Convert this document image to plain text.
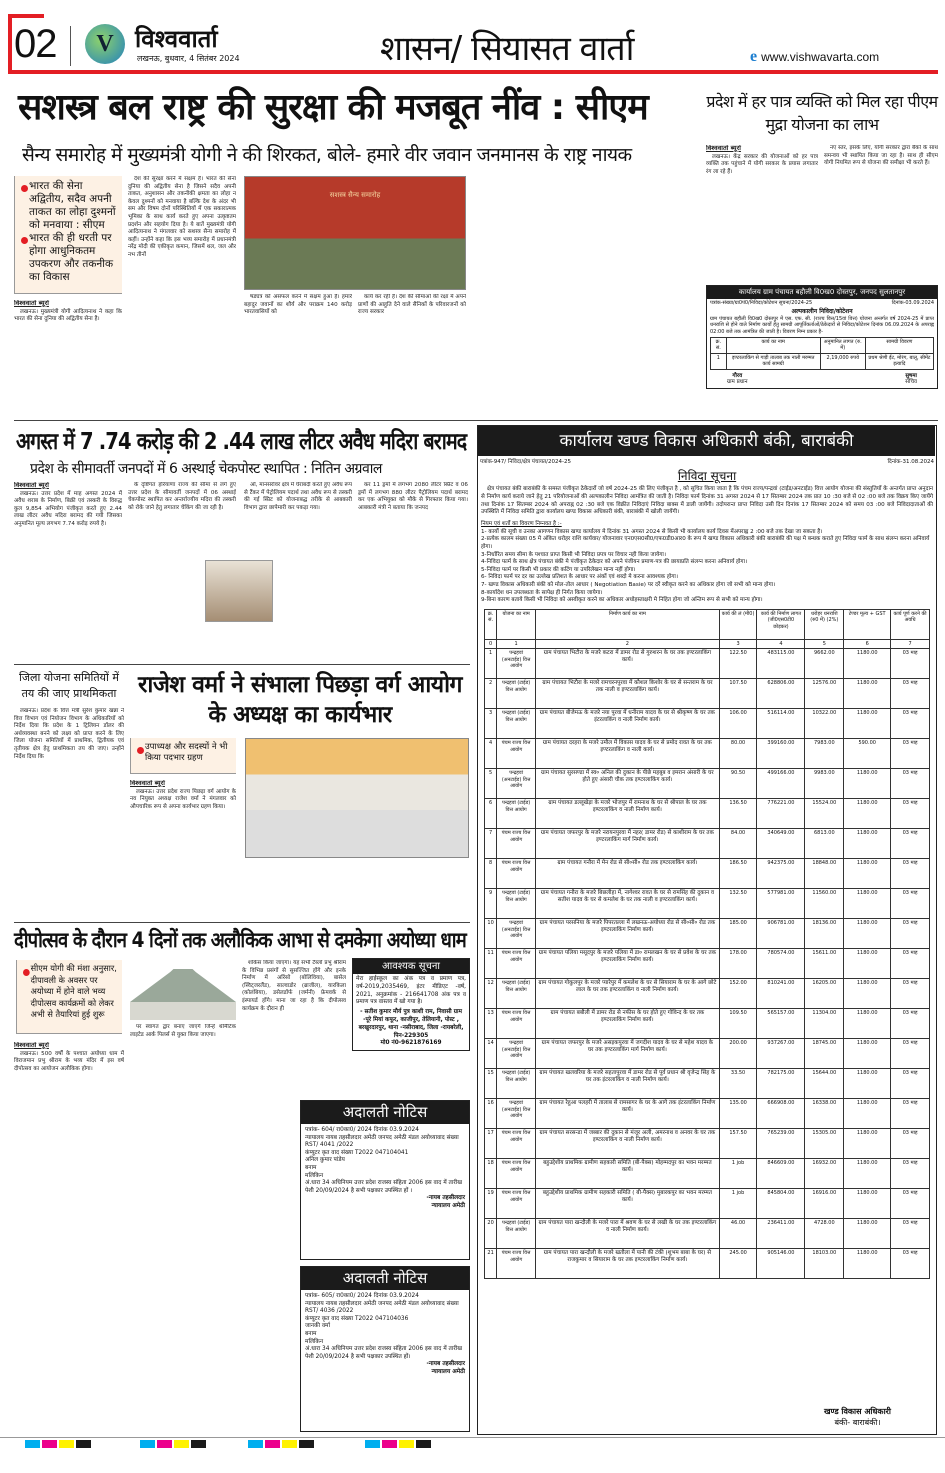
02	V विश्ववार्ता
लखनऊ, बुधवार, 4 सितंबर 2024	शासन/ सियासत वार्ता	e www.vishwavarta.com
सशस्त्र बल राष्ट्र की सुरक्षा की मजबूत नींव : सीएम
सैन्य समारोह में मुख्यमंत्री योगी ने की शिरकत, बोले- हमारे वीर जवान जनमानस के राष्ट्र नायक
भारत की सेना अद्वितीय, सदैव अपनी ताकत का लोहा दुश्मनों को मनवाया : सीएम
भारत की ही धरती पर होगा आधुनिकतम उपकरण और तकनीक का विकास
विश्ववार्ता ब्यूरो

लखनऊ। मुख्यमंत्री योगी आदित्यनाथ ने कहा कि भारत की सेना दुनिया की अद्वितीय सेना है।

देश की सुरक्षा करने में सक्षम है। भारत की सेना दुनिया की अद्वितीय सेना है जिसने सदैव अपनी ताकत, अनुशासन और तकनीकी क्षमता का लोहा न केवल दुश्मनों को मनवाया है बल्कि देश के अंदर भी सम और विषम दोनों परिस्थितियों में एक सकारात्मक भूमिका के साथ कार्य करते हुए अपना उत्कृष्टतम प्रदर्शन और सहयोग दिया है। ये बातें मुख्यमंत्री योगी आदित्यनाथ ने मंगलवार को सशस्त्र सैन्य समारोह में कहीं। उन्होंने कहा कि इस भव्य समारोह में प्रधानमंत्री नरेंद्र मोदी की एकीकृत कमान, जिसमें थल, जल और नभ तीनों

सशस्त्र सैन्य समारोह

षड्यंत्र को असफल करने में सक्षम हुआ है। हमारे बहादुर जवानों का शौर्य और पराक्रम 140 करोड़ भारतवासियों को

कार्य कर रही है। देश की सीमाओं की रक्षा में अपने प्राणों की आहुति देने वाले सैनिकों के परिवारजनों को राज्य सरकार

प्रदेश में हर पात्र व्यक्ति को मिल रहा पीएम मुद्रा योजना का लाभ
विश्ववार्ता ब्यूरो

लखनऊ। केंद्र सरकार की योजनाओं को हर पात्र व्यक्ति तक पहुंचाने में योगी सरकार के प्रयास लगातार रंग ला रहे हैं।

नए स्तर, इसके लिए, योगी सरकार द्वारा बैंकों के साथ समन्वय भी स्थापित किया जा रहा है। साथ ही सीएम योगी नियमित रूप से योजना की समीक्षा भी करते हैं।

कार्यालय ग्राम पंचायत बहौली वि0ख0 दोस्तपुर, जनपद सुलतानपुर
पत्रांक-संख्या/ग्रा0पं0/निविदा/कोटेशन सूचना/2024-25	दिनांक-03.09.2024
अल्पकालीन निविदा/कोटेशन
ग्राम पंचायत बहौली वि0ख0 दोस्तपुर में एस. एफ. सी. (राज्य वित्त/15वां वित्त) योजना अन्तर्गत वर्ष 2024-25 में प्राप्त धनराशि से होने वाले निर्माण कार्यों हेतु सामग्री आपूर्तिकर्ताओं/ठेकेदारों से निविदा/कोटेशन दिनांक 06.09.2024 के अपराह्न 02:00 बजे तक आमंत्रित की जाती है। विवरण निम्न प्रकार है-
क्र. सं.	कार्य का नाम	अनुमानित लागत (रु. में)	सामग्री विवरण
1	इण्टरलाकिंग से गाड़ी तालाब तक नाली मरम्मत कार्य सामग्री	2,19,000 रुपये	प्रथम श्रेणी ईंट, मोरंग, बालू, सीमेंट इत्यादि
गौरव
ग्राम प्रधान
सुषमा
सचिव
अगस्त में 7 .74 करोड़ की 2 .44 लाख लीटर अवैध मदिरा बरामद
प्रदेश के सीमावर्ती जनपदों में 6 अस्थाई चेकपोस्ट स्थापित : नितिन अग्रवाल
विश्ववार्ता ब्यूरो

लखनऊ। उत्तर प्रदेश में माह अगस्त 2024 में अवैध शराब के निर्माण, बिक्री एवं तस्करी के विरुद्ध कुल 9,854 अभियोग पंजीकृत करते हुए 2.44 लाख लीटर अवैध मदिरा बरामद की गयी जिसका अनुमानित मूल्य लगभग 7.74 करोड़ रुपये है।

के दृष्टिगत हरियाणा राज्य की सीमा से लगे हुए उत्तर प्रदेश के सीमावर्ती जनपदों में 06 अस्थाई चेकपोस्ट स्थापित कर अन्तर्राज्यीय मदिरा की तस्करी को रोके जाने हेतु लगातार चेकिंग की जा रही है।

ओ, मानसरोवर क्षेत्र में घेराबंदी करते हुए अवैध रूप से टैंकर में पेट्रोलियम पदार्थ तथा अवैध रूप से तस्करी की गई स्प्रिट को योजनाबद्ध तरीके से आबकारी विभाग द्वारा छापेमारी कर पकड़ा गया।

कर 11 ड्रमों में लगभग 2080 लीटर स्प्रिट व 06 ड्रमों में लगभग 880 लीटर पैट्रोलियम पदार्थ बरामद कर एक अभियुक्त को मौके से गिरफ्तार किया गया। आबकारी मंत्री ने बताया कि जनपद

जिला योजना समितियों में तय की जाए प्राथमिकता

लखनऊ। प्रदेश के वित्त मंत्री सुरेश कुमार खन्ना ने वित्त विभाग एवं नियोजन विभाग के अधिकारियों को निर्देश दिया कि प्रदेश के 1 ट्रिलियन डॉलर की अर्थव्यवस्था बनने को लक्ष्य को प्राप्त करने के लिए जिला योजना समितियों में प्राथमिक, द्वितीयक एवं तृतीयक क्षेत्र हेतु प्राथमिकता तय की जाए। उन्होंने निर्देश दिया कि

राजेश वर्मा ने संभाला पिछड़ा वर्ग आयोग के अध्यक्ष का कार्यभार
उपाध्यक्ष और सदस्यों ने भी किया पदभार ग्रहण
विश्ववार्ता ब्यूरो

लखनऊ। उत्तर प्रदेश राज्य पिछड़ा वर्ग आयोग के नव नियुक्त अध्यक्ष राजेश वर्मा ने मंगलवार को औपचारिक रूप से अपना कार्यभार ग्रहण किया।

दीपोत्सव के दौरान 4 दिनों तक अलौकिक आभा से दमकेगा अयोध्या धाम
सीएम योगी की मंशा अनुसार, दीपावली के अवसर पर अयोध्या में होने वाले भव्य दीपोत्सव कार्यक्रमों को लेकर अभी से तैयारियां हुई शुरू
विश्ववार्ता ब्यूरो

लखनऊ। 500 वर्षों के पश्चात अयोध्या धाम में विराजमान प्रभु श्रीराम के भव्य मंदिर में इस वर्ष दीपोत्सव का आयोजन अलौकिक होगा।

पर स्वागत द्वार बनाए जाएंगे जिन्हें थीमैटिक लाइटेड आर्क पिलर्स से युक्त किया जाएगा।

शोकेस किया जाएगा। यह सभी टैब्लो प्रभु श्रीराम के विभिन्न प्रसंगों से सुसज्जित होंगे और इनके निर्माण में अरिंसो (बोलिविया), बासेल (स्विट्जरलैंड), साल्वाडोर (ब्राजील), यारकिला (कोलंबिया), डसेलडॉर्फ (जर्मनी) फ्रेमवर्क से इंस्पायर्ड होंगे। माना जा रहा है कि दीपोत्सव कार्यक्रम के दौरान ही

आवश्यक सूचना
मेरा हाईस्कूल का अंक पत्र व प्रमाण पत्र, वर्ष-2019,2035469, इंटर मीडिएट -वर्ष, 2021, अनुक्रमांक - 216641708 अंक पत्र व प्रमाण पत्र वास्तव में खो गया है।
- सतीश कुमार मौर्य पुत्र काशी राम, निवासी ग्राम -पूरे मियां कफूर, काजीपुर, तेलियानी, पोस्ट , बरखुरदारपुर, थाना -नसीराबाद, जिला -रायबरेली, पिन-229305
मो0 नं0-9621876169
अदालती नोटिस
पत्रांक- 604/ रा0का0/ 2024 दिनांक 03.9.2024
न्यायालय नायब तहसीलदार अमेठी जनपद अमेठी मंडल अयोध्यावाद संख्या RST/ 4041 /2022
कंप्यूटर कृत वाद संख्या T2022 047104041
अनिल कुमार पांडेय
बनाम
मलिकिन
अं.धारा 34 अधिनियम उत्तर प्रदेश राजस्व संहिता 2006 इस वाद में तारीख पेशी 20/09/2024 है सभी पक्षकार उपस्थित हों ।
-नायब तहसीलदार
न्यायालय अमेठी
अदालती नोटिस
पत्रांक- 605/ रा0का0/ 2024 दिनांक 03.9.2024
न्यायालय नायब तहसीलदार अमेठी जनपद अमेठी मंडल अयोध्यावाद संख्या RST/ 4036 /2022
कंप्यूटर कृत वाद संख्या T2022 047104036
जानकी वर्मा
बनाम
मलिकिन
अं.धारा 34 अधिनियम उत्तर प्रदेश राजस्व संहिता 2006 इस वाद में तारीख पेशी 20/09/2024 है सभी पक्षकार उपस्थित हों।
-नायब तहसीलदार
न्यायालय अमेठी
कार्यालय खण्ड विकास अधिकारी बंकी, बाराबंकी
पत्रांक-947/ निविदा/क्षेत्र पंचायत/2024-25	दिनांक-31.08.2024
निविदा सूचना
क्षेत्र पंचायत बंकी बाराबंकी के समस्त पंजीकृत ठेकेदारों जो वर्ष 2024-25 की लिए पंजीकृत है , को सूचित किया जाता है कि पंचम राज्य/पन्द्रवां (टाईड/अनटाईड) वित्त आयोग योजना की संस्तुतियों के अन्तर्गत प्राप्त अनुदान से निर्माण कार्य कराये जाने हेतु 21 परियोजनाओं की अल्पकालीन निविदा आमंत्रित की जाती है। निविदा फार्म दिनांक 31 अगस्त 2024 से 17 सितम्बर 2024 तक प्रात 10 :30 बजे से 02 :00 बजे तक विक्रय किए जायेंगे तथा दिनांक 17 सितम्बर 2024 को अपराह्न 02 :30 बजे एक विक्रीत निविदाएं निविदा बाक्स में डाली जायेंगी। तदोपरान्त प्राप्त निविदा उसी दिन दिनांक 17 सितम्बर 2024 को समय 03 :00 बजे निविदादाताओं की उपस्थिति में निविदा समिति द्वारा कार्यालय खण्ड विकास अधिकारी बंकी, बाराबंकी में खोली जायेंगी।
नियम एवं शर्तो का विवरण निम्नवत है :-
1- कार्यो की सूची व उनका आगणन विकास खण्ड कार्यालय मे दिनांक 31 अगस्त 2024 से किसी भी कार्यालय कार्य दिवस मेंअपराह्न 2 :00 बजे तक देखा जा सकता है।
2-प्रत्येक कालम संख्या 05 मे अंकित धरोहर राशि कार्यवार/ योजनावार एन0एस0सी0/एफ0डी0आर0 के रूप मे खण्ड विकास अधिकारी बंकी बाराबंकी की पक्ष मे बन्धक कराते हुए निविदा फार्म के साथ संलग्न करना अनिवार्य होगा।
3-निर्धारित समय सीमा के पश्चात प्राप्त किसी भी निविदा प्रपत्र पर विचार नही किया जायेगा।
4-निविदा फार्म के साथ क्षेत्र पंचायत बंकी मे पंजीकृत ठेकेदार को अपने पंजीयन प्रमाण-पत्र की छायाप्रति संलग्न करना अनिवार्य होगा।
5-निविदा फार्म पर किसी भी प्रकार की कटिंग या उपरिलेखन मान्य नहीं होगा।
6- निविदा फार्म पर दर का उल्लेख प्रतिशत के आधार पर अंकों एवं शब्दो मे करना आवश्यक होगा।
7- खण्ड विकास अधिकारी बंकी को मोल-तोल आधार ( Negotiation Basie) पर दरें स्वीकृत करने का अधिकार होगा जो सभी को मान्य होगा।
8-कार्यादेश धन उपलब्धता के सापेक्ष ही निर्गत किया जायेगा।
9-बिना कारण बताये किसी भी निविदा को अस्वीकृत करने का अधिकार अधोहस्ताक्षरी मे निहित होगा जो अन्तिम रूप से सभी को मान्य होगा।
क्र. सं.	योजना का नाम	निर्माण कार्य का नाम	कार्य की लं (मी0)	कार्य की निर्माण लागत (जी0एस0टी0 छोड़कर)	धरोहर धनराशि (रु0 में) (2%)	टेण्डर मूल्य + GST	कार्य पूर्ण करने की अवधि
0	1	2	3	4	5	6	7
1	पन्द्रहवां (अनटाईड) वित्त आयोग	ग्राम पंचायत भिटौरा के मजरे कटरा में डामर रोड से गुरुशरन के घर तक इण्टरलाकिंग कार्य।	122.50	483115.00	9662.00	1180.00	03 माह
2	पन्द्रहवां (टाईड) वित्त आयोग	ग्राम पंचायत भिटौरा के मजरे रामचरनपुरवा में कौशल किशोर के घर से सन्तराम के घर तक नाली व इण्टरलाकिंग कार्य।	107.50	628806.00	12576.00	1180.00	03 माह
3	पन्द्रहवां (टाईड) वित्त आयोग	ग्राम पंचायत बीजेमऊ के मजरे नया पुरवा में धनीराम यादव के घर से श्रीकृष्ण के घर तक इंटरलाकिंग व नाली निर्माण कार्य।	106.00	516114.00	10322.00	1180.00	03 माह
4	पंचम राज्य वित्त आयोग	ग्राम पंचायत दरहरा के मजरे उमौल में विकास यादव के घर से प्रमोद रावत के घर तक इण्टरलाकिंग व नाली कार्य।	80.00	399160.00	7983.00	590.00	03 माह
5	पन्द्रहवां (अनटाईड) वित्त आयोग	ग्राम पंचायत सुरसण्डा में स्व० अनिल की दुकान के पीछे महबूब व इमरान अंसारी के घर होते हुए अंसारी चौक तक इण्टरलाकिंग कार्य।	90.50	499166.00	9983.00	1180.00	03 माह
6	पन्द्रहवां (टाईड) वित्त आयोग	ग्राम पंचायत डल्लूखेड़ा के मजरे भोजपुर में रामनाथ के घर से श्रीपाल के घर तक इण्टरलाकिंग व नाली निर्माण कार्य।	136.50	776221.00	15524.00	1180.00	03 माह
7	पंचम राज्य वित्त आयोग	ग्राम पंचायत जफरपुर के मजरे नरायनपुरवा में नहर( डामर रोड) से काशीराम के घर तक इण्टरलाकिंग मार्ग निर्माण कार्य।	84.00	340649.00	6813.00	1180.00	03 माह
8	पंचम राज्य वित्त आयोग	ग्राम पंचायत गनौरा में मेन रोड से सी०सी० रोड तक इण्टरलाकिंग कार्य।	186.50	942375.00	18848.00	1180.00	03 माह
9	पन्द्रहवां (टाईड) वित्त आयोग	ग्राम पंचायत गनौरा के मजरे बिछलीहा में, नागेश्वर रावत के घर से रामसिंह की दुकान व सतीश यादव के घर से कमलेश के घर तक नाली व इण्टरलाकिंग कार्य।	132.50	577981.00	11560.00	1180.00	03 माह
10	पन्द्रहवां (अनटाईड) वित्त आयोग	ग्राम पंचायत परसनिया के मजरे पिपरतल्ला में लखनऊ-अयोध्या रोड से सी०सी० रोड तक इण्टरलाकिंग निर्माण कार्य।	185.00	906781.00	18136.00	1180.00	03 माह
11	पंचम राज्य वित्त आयोग	ग्राम पंचायत पलिया मसूदपुर के मजरे पलिया में डा० रामलखन के घर से प्रवेश के घर तक इण्टरलाकिंग निर्माण कार्य।	178.00	780574.00	15611.00	1180.00	03 माह
12	पन्द्रहवां (टाईड) वित्त आयोग	ग्राम पंचायत गोकुलपुर के मजरे प्यारेपुर में कमलेश के घर से सियाराम के घर के आगे छोटे लाल के घर तक इण्टरलाकिंग व नाली निर्माण कार्य।	152.00	810241.00	16205.00	1180.00	03 माह
13	पंचम राज्य वित्त आयोग	ग्राम पंचायत बबौली में डामर रोड से नफीस के घर होते हुए गोविन्द के घर तक इण्टरलाकिंग निर्माण कार्य।	109.50	565157.00	11304.00	1180.00	03 माह
14	पन्द्रहवां (अनटाईड) वित्त आयोग	ग्राम पंचायत जफरपुर के मजरे असइकपुरवा में जगदीश यादव के घर से महेश यादव के घर तक इण्टरलाकिंग मार्ग निर्माण कार्य।	200.00	937267.00	18745.00	1180.00	03 माह
15	पन्द्रहवां (टाईड) वित्त आयोग	ग्राम पंचायत खलवरिया के मजरे सहतापुरवा में डामर रोड से पूर्व प्रधान श्री वृजेन्द्र सिंह के घर तक इंटरलाकिंग व नाली निर्माण कार्य।	33.50	782175.00	15644.00	1180.00	03 माह
16	पन्द्रहवां (अनटाईड) वित्त आयोग	ग्राम पंचायत रेहुआ पलहरी में तालाब से रामसागर के घर के आगे तक इंटरलाकिंग निर्माण कार्य।	135.00	666908.00	16338.00	1180.00	03 माह
17	पंचम राज्य वित्त आयोग	ग्राम पंचायत सरसन्डा में जब्बार की दुकान से मंजूर अली, अमरनाथ व अनवर के घर तक इण्टरलाकिंग व नाली निर्माण कार्य।	157.50	765239.00	15305.00	1180.00	03 माह
18	पंचम राज्य वित्त आयोग	बहुउद्देशीय प्राथमिक ग्रामीण सहकारी समिति (बी-पैक्स) मोहम्मदपुर का भवन मरम्मत कार्य।	1 job	846609.00	16932.00	1180.00	03 माह
19	पंचम राज्य वित्त आयोग	बहुउद्देशीय प्राथमिक ग्रामीण सहकारी समिति ( बी-पैक्स) मुबारकपुर का भवन मरम्मत कार्य।	1 job	845804.00	16916.00	1180.00	03 माह
20	पन्द्रहवां (टाईड) वित्त आयोग	ग्राम पंचायत पारा खन्दौली के मजरे पारा में श्रवण के घर से लखी के घर तक इण्टरलाकिंग व नाली निर्माण कार्य।	46.00	236411.00	4728.00	1180.00	03 माह
21	पंचम राज्य वित्त आयोग	ग्राम पंचायत पारा खन्दौली के मजरे खतौला में पानी की टंकी (शुभम बाबा के घर) से राजकुमार व सियाराम के घर तक इण्टरलाकिंग निर्माण कार्य।	245.00	905146.00	18103.00	1180.00	03 माह
खण्ड विकास अधिकारी
बंकी- बाराबंकी।
